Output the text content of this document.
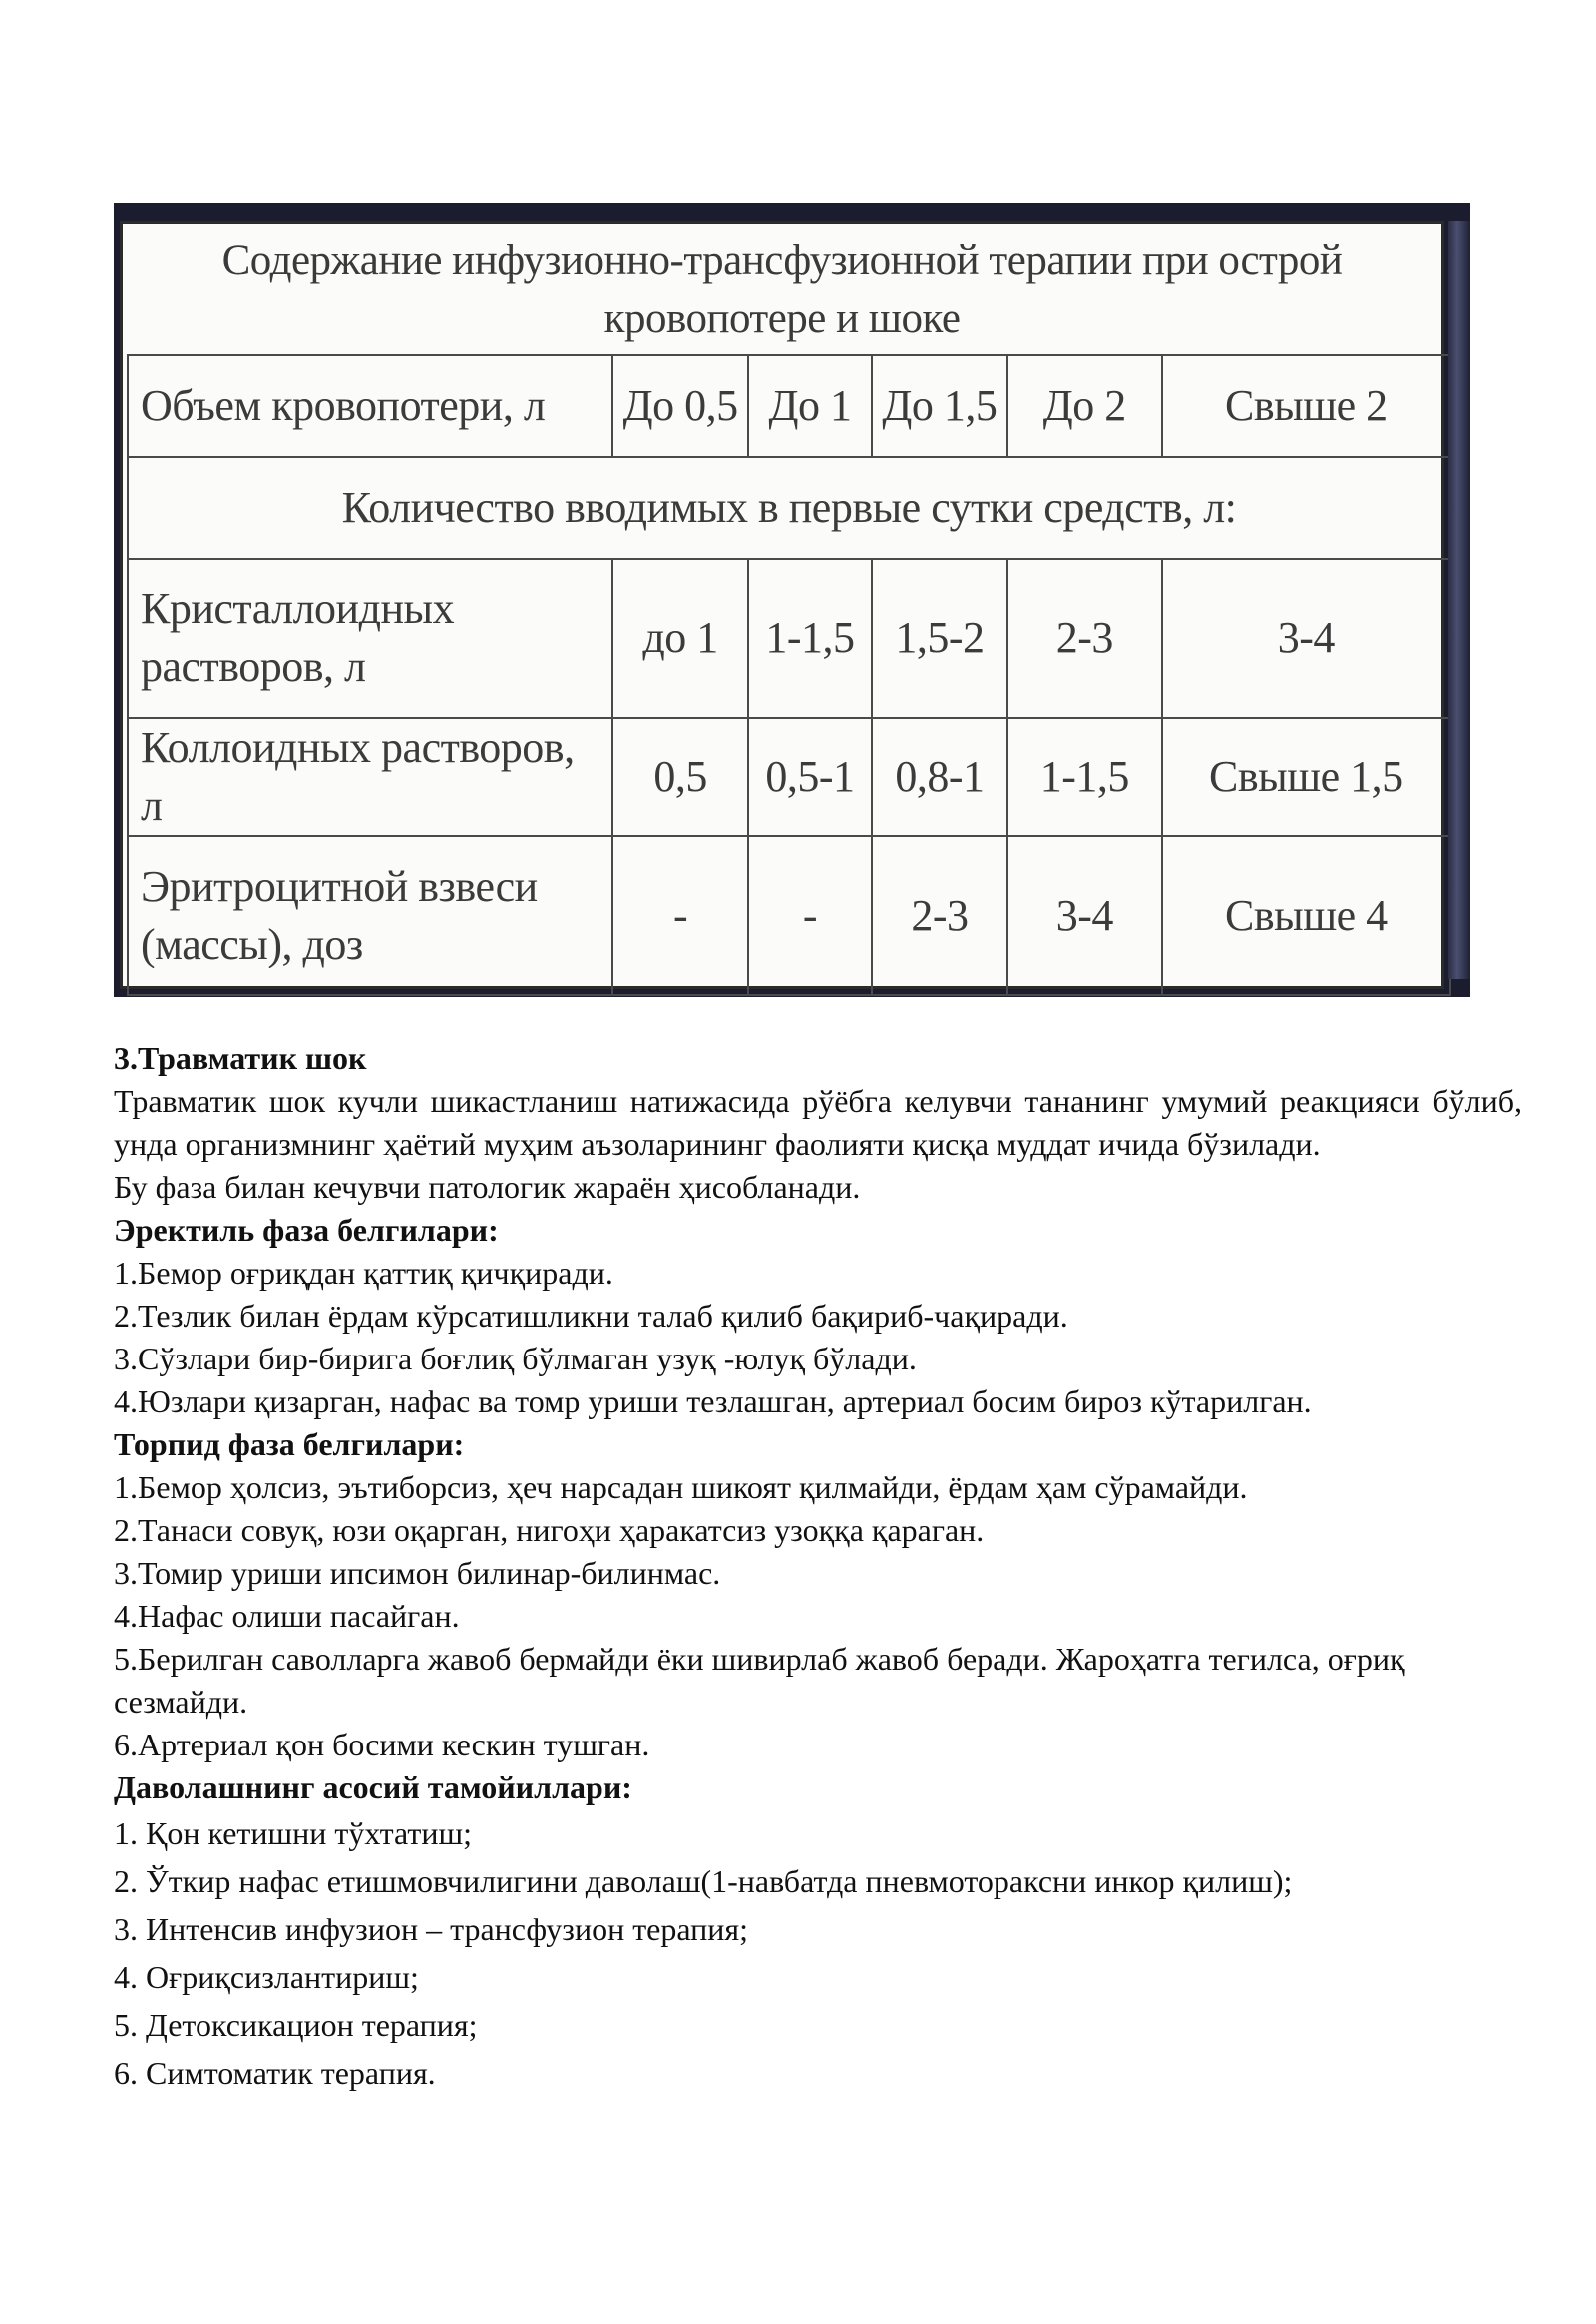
Содержание инфузионно-трансфузионной терапии при острой
кровопотере и шоке
Объем кровопотери, л	До 0,5	До 1	До 1,5	До 2	Свыше 2
Количество вводимых в первые сутки средств, л:					

Кристаллоидных
растворов, л	до 1	1-1,5	1,5-2	2-3	3-4
Коллоидных растворов, л	0,5	0,5-1	0,8-1	1-1,5	Свыше 1,5

Эритроцитной взвеси
(массы), доз	-	-	2-3	3-4	Свыше 4

3.Травматик шок

Травматик шок кучли шикастланиш натижасида рўёбга келувчи тананинг умумий реакцияси бўлиб, унда организмнинг ҳаётий муҳим аъзоларининг фаолияти қисқа муддат ичида бўзилади.

Бу фаза билан кечувчи патологик жараён ҳисобланади.

Эректиль фаза белгилари:

1.Бемор оғриқдан қаттиқ қичқиради.

2.Тезлик билан ёрдам кўрсатишликни талаб қилиб бақириб-чақиради.

3.Сўзлари бир-бирига боғлиқ бўлмаган узуқ -юлуқ бўлади.

4.Юзлари қизарган, нафас ва томр уриши тезлашган, артериал босим бироз кўтарилган.

Торпид фаза белгилари:

1.Бемор ҳолсиз, эътиборсиз, ҳеч нарсадан шикоят қилмайди, ёрдам ҳам сўрамайди.

2.Танаси совуқ, юзи оқарган, нигоҳи ҳаракатсиз узоққа қараган.

3.Томир уриши ипсимон билинар-билинмас.

4.Нафас олиши пасайган.

5.Берилган саволларга жавоб бермайди ёки шивирлаб жавоб беради. Жароҳатга тегилса, оғриқ сезмайди.

6.Артериал қон босими кескин тушган.

Даволашнинг асосий тамойиллари:

1. Қон кетишни тўхтатиш;

2. Ўткир нафас етишмовчилигини даволаш(1-навбатда пневмотораксни инкор қилиш);

3. Интенсив инфузион – трансфузион терапия;

4. Оғриқсизлантириш;

5. Детоксикацион терапия;

6. Симтоматик терапия.
